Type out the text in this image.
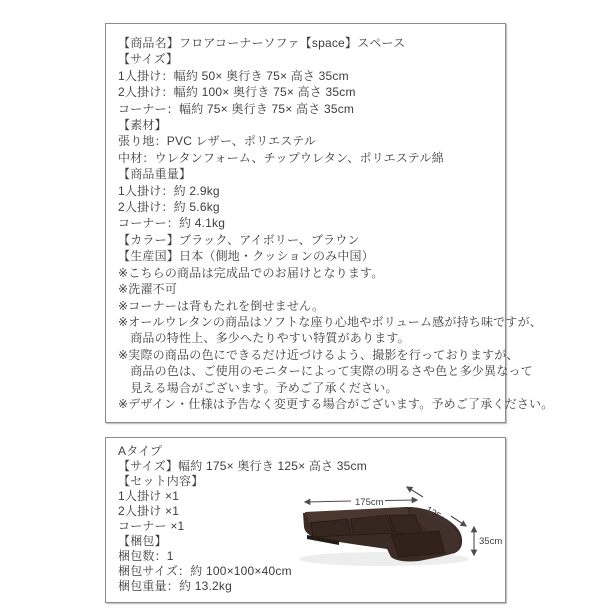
【商品名】フロアコーナーソファ【space】スペース
【サイズ】
1人掛け：幅約 50× 奥行き 75× 高さ 35cm
2人掛け：幅約 100× 奥行き 75× 高さ 35cm
コーナー：幅約 75× 奥行き 75× 高さ 35cm
【素材】
張り地：PVC レザー、ポリエステル
中材：ウレタンフォーム、チップウレタン、ポリエステル綿
【商品重量】
1人掛け：約 2.9kg
2人掛け：約 5.6kg
コーナー：約 4.1kg
【カラー】ブラック、アイボリー、ブラウン
【生産国】日本（側地・クッションのみ中国）
※こちらの商品は完成品でのお届けとなります。
※洗濯不可
※コーナーは背もたれを倒せません。
※オールウレタンの商品はソフトな座り心地やボリューム感が持ち味ですが、
　商品の特性上、多少へたりやすい特質があります。
※実際の商品の色にできるだけ近づけるよう、撮影を行っておりますが、
　商品の色は、ご使用のモニターによって実際の明るさや色と多少異なって
　見える場合がございます。予めご了承ください。
※デザイン・仕様は予告なく変更する場合がございます。予めご了承ください。
Aタイプ
【サイズ】幅約 175× 奥行き 125× 高さ 35cm
【セット内容】
1人掛け ×1
2人掛け ×1
コーナー ×1
【梱包】
梱包数：1
梱包サイズ：約 100×100×40cm
梱包重量：約 13.2kg
175cm
125cm
35cm
